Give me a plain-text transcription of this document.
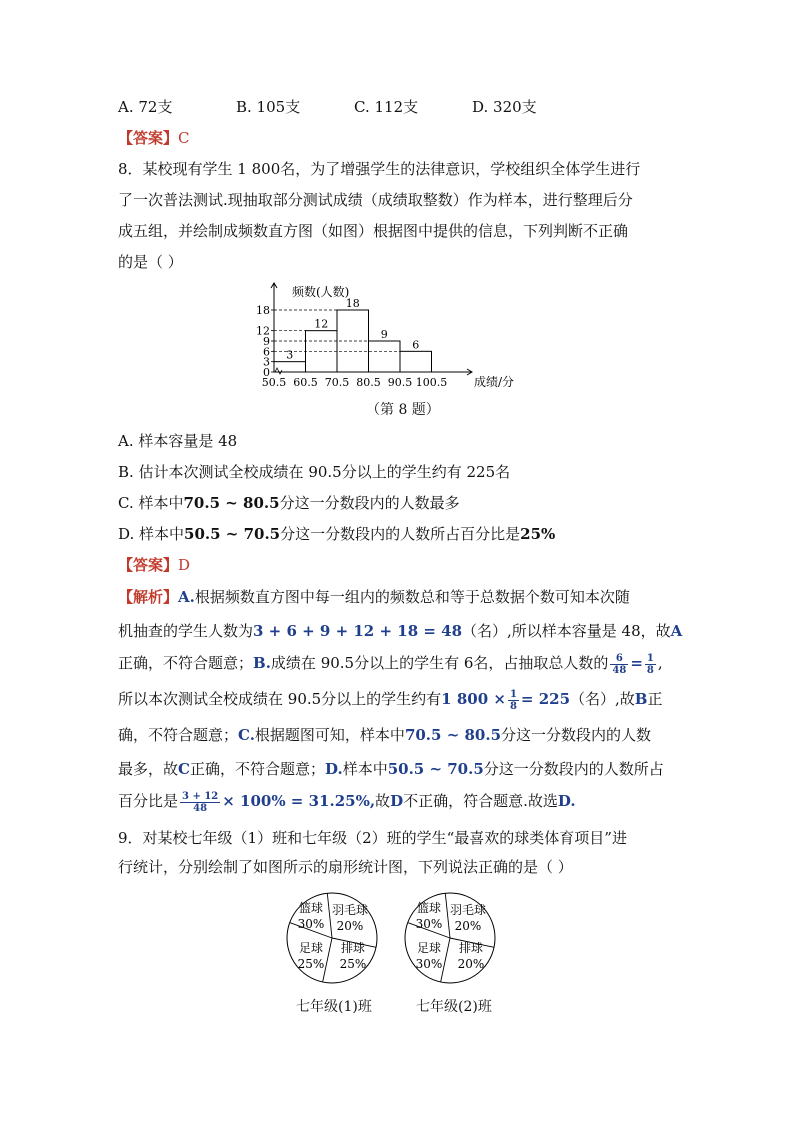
A. 72支	B. 105支	C. 112支	D. 320支
【答案】C
8．某校现有学生 1 800名，为了增强学生的法律意识，学校组织全体学生进行
了一次普法测试.现抽取部分测试成绩（成绩取整数）作为样本，进行整理后分
成五组，并绘制成频数直方图（如图）根据图中提供的信息，下列判断不正确
的是（ ）
3
12
18
9
6
0
3
6
9
12
18
50.5 60.5 70.5 80.5 90.5 100.5
频数(人数)
成绩/分
（第 8 题）
A. 样本容量是 48
B. 估计本次测试全校成绩在 90.5分以上的学生约有 225名
C. 样本中70.5 ~ 80.5分这一分数段内的人数最多
D. 样本中50.5 ~ 70.5分这一分数段内的人数所占百分比是25%
【答案】D
【解析】A.根据频数直方图中每一组内的频数总和等于总数据个数可知本次随
机抽查的学生人数为3 + 6 + 9 + 12 + 18 = 48（名）,所以样本容量是 48，故A
正确，不符合题意；B.成绩在 90.5分以上的学生有 6名，占抽取总人数的 $\frac{6}{48} = \frac{1}{8}$ ,
所以本次测试全校成绩在 90.5分以上的学生约有1 $800 \times \frac{1}{8} = 225$（名）,故B正
确，不符合题意；C.根据题图可知，样本中70.5 ~ 80.5分这一分数段内的人数
最多，故C正确，不符合题意；D.样本中50.5 ~ 70.5分这一分数段内的人数所占
百分比是 $\frac{3 + 12}{48} \times 100\% = 31.25\%$,故D不正确，符合题意.故选D.
9．对某校七年级（1）班和七年级（2）班的学生“最喜欢的球类体育项目”进
行统计，分别绘制了如图所示的扇形统计图，下列说法正确的是（ ）
篮球
30%
羽毛球
20%
排球
25%
足球
25%
篮球
30%
羽毛球
20%
排球
20%
足球
30%
七年级(1)班	七年级(2)班
